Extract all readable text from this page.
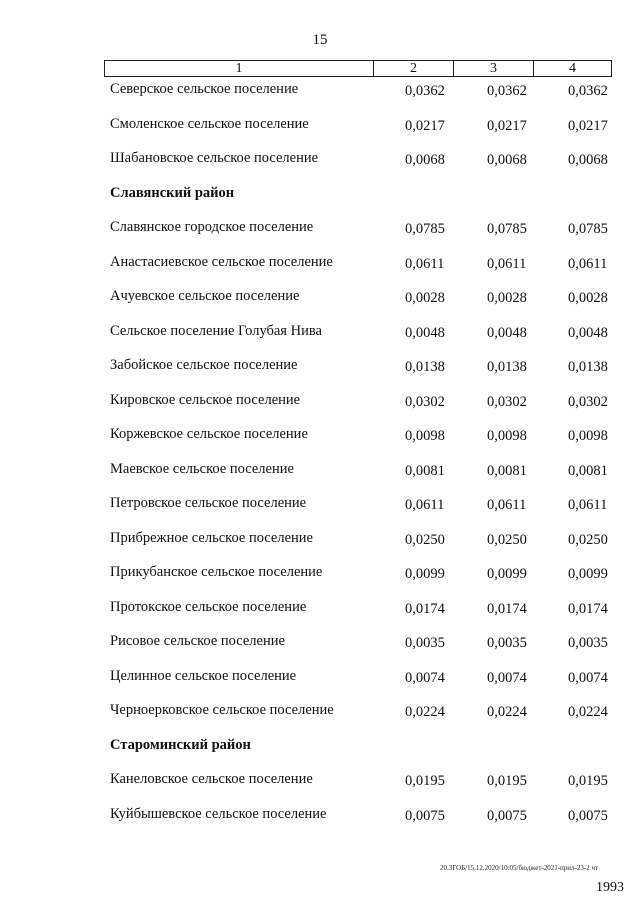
15
1	2	3	4
Северское сельское поселение	0,0362	0,0362	0,0362
Смоленское сельское поселение	0,0217	0,0217	0,0217
Шабановское сельское поселение	0,0068	0,0068	0,0068
Славянский район
Славянское городское поселение	0,0785	0,0785	0,0785
Анастасиевское сельское поселение	0,0611	0,0611	0,0611
Ачуевское сельское поселение	0,0028	0,0028	0,0028
Сельское поселение Голубая Нива	0,0048	0,0048	0,0048
Забойское сельское поселение	0,0138	0,0138	0,0138
Кировское сельское поселение	0,0302	0,0302	0,0302
Коржевское сельское поселение	0,0098	0,0098	0,0098
Маевское сельское поселение	0,0081	0,0081	0,0081
Петровское сельское поселение	0,0611	0,0611	0,0611
Прибрежное сельское поселение	0,0250	0,0250	0,0250
Прикубанское сельское поселение	0,0099	0,0099	0,0099
Протокское сельское поселение	0,0174	0,0174	0,0174
Рисовое сельское поселение	0,0035	0,0035	0,0035
Целинное сельское поселение	0,0074	0,0074	0,0074
Черноерковское сельское поселение	0,0224	0,0224	0,0224
Староминский район
Канеловское сельское поселение	0,0195	0,0195	0,0195
Куйбышевское сельское поселение	0,0075	0,0075	0,0075
20.3ГОБ/15.12.2020/10:05/бюджет-2021-прил-23-2 чт
1993
